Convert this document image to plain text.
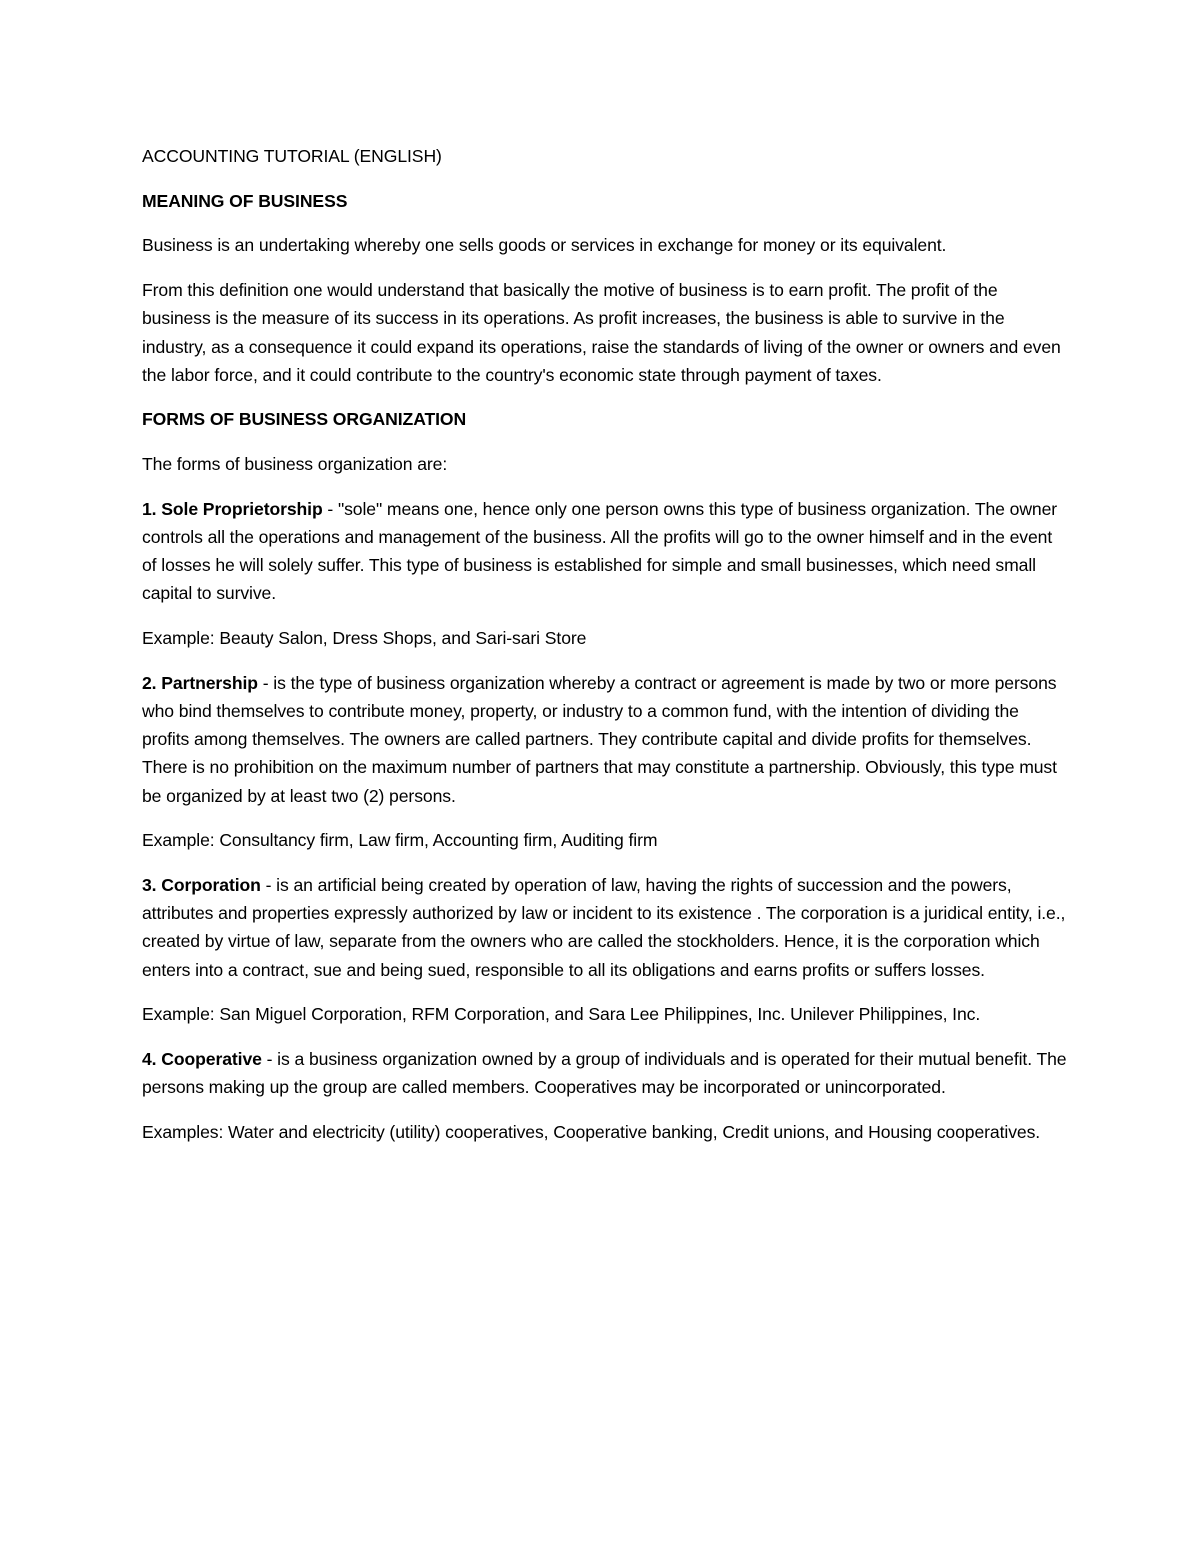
ACCOUNTING TUTORIAL (ENGLISH)

MEANING OF BUSINESS

Business is an undertaking whereby one sells goods or services in exchange for money or its equivalent.

From this definition one would understand that basically the motive of business is to earn profit. The profit of the business is the measure of its success in its operations. As profit increases, the business is able to survive in the industry, as a consequence it could expand its operations, raise the standards of living of the owner or owners and even the labor force, and it could contribute to the country's economic state through payment of taxes.

FORMS OF BUSINESS ORGANIZATION

The forms of business organization are:

1. Sole Proprietorship - "sole" means one, hence only one person owns this type of business organization. The owner controls all the operations and management of the business. All the profits will go to the owner himself and in the event of losses he will solely suffer. This type of business is established for simple and small businesses, which need small capital to survive.

Example: Beauty Salon, Dress Shops, and Sari-sari Store

2. Partnership - is the type of business organization whereby a contract or agreement is made by two or more persons who bind themselves to contribute money, property, or industry to a common fund, with the intention of dividing the profits among themselves. The owners are called partners. They contribute capital and divide profits for themselves. There is no prohibition on the maximum number of partners that may constitute a partnership. Obviously, this type must be organized by at least two (2) persons.

Example: Consultancy firm, Law firm, Accounting firm, Auditing firm

3. Corporation - is an artificial being created by operation of law, having the rights of succession and the powers, attributes and properties expressly authorized by law or incident to its existence . The corporation is a juridical entity, i.e., created by virtue of law, separate from the owners who are called the stockholders. Hence, it is the corporation which enters into a contract, sue and being sued, responsible to all its obligations and earns profits or suffers losses.

Example: San Miguel Corporation, RFM Corporation, and Sara Lee Philippines, Inc. Unilever Philippines, Inc.

4. Cooperative - is a business organization owned by a group of individuals and is operated for their mutual benefit. The persons making up the group are called members. Cooperatives may be incorporated or unincorporated.

Examples: Water and electricity (utility) cooperatives, Cooperative banking, Credit unions, and Housing cooperatives.
